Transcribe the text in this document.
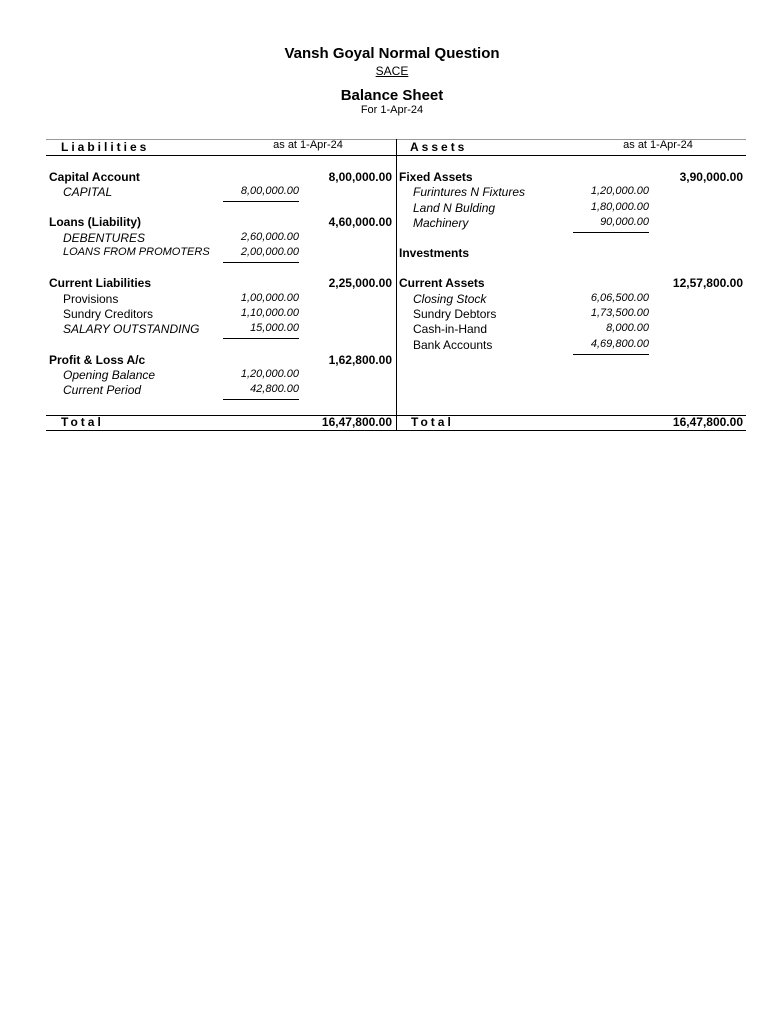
Vansh Goyal Normal Question
SACE
Balance Sheet
For 1-Apr-24
Liabilities	as at 1-Apr-24	Assets	as at 1-Apr-24
Capital Account	8,00,000.00
CAPITAL	8,00,000.00
Loans (Liability)	4,60,000.00
DEBENTURES	2,60,000.00
LOANS FROM PROMOTERS	2,00,000.00
Current Liabilities	2,25,000.00
Provisions	1,00,000.00
Sundry Creditors	1,10,000.00
SALARY OUTSTANDING	15,000.00
Profit & Loss A/c	1,62,800.00
Opening Balance	1,20,000.00
Current Period	42,800.00
Fixed Assets	3,90,000.00
Furintures N Fixtures	1,20,000.00
Land N Bulding	1,80,000.00
Machinery	90,000.00
Investments
Current Assets	12,57,800.00
Closing Stock	6,06,500.00
Sundry Debtors	1,73,500.00
Cash-in-Hand	8,000.00
Bank Accounts	4,69,800.00
Total	16,47,800.00 Total	16,47,800.00
